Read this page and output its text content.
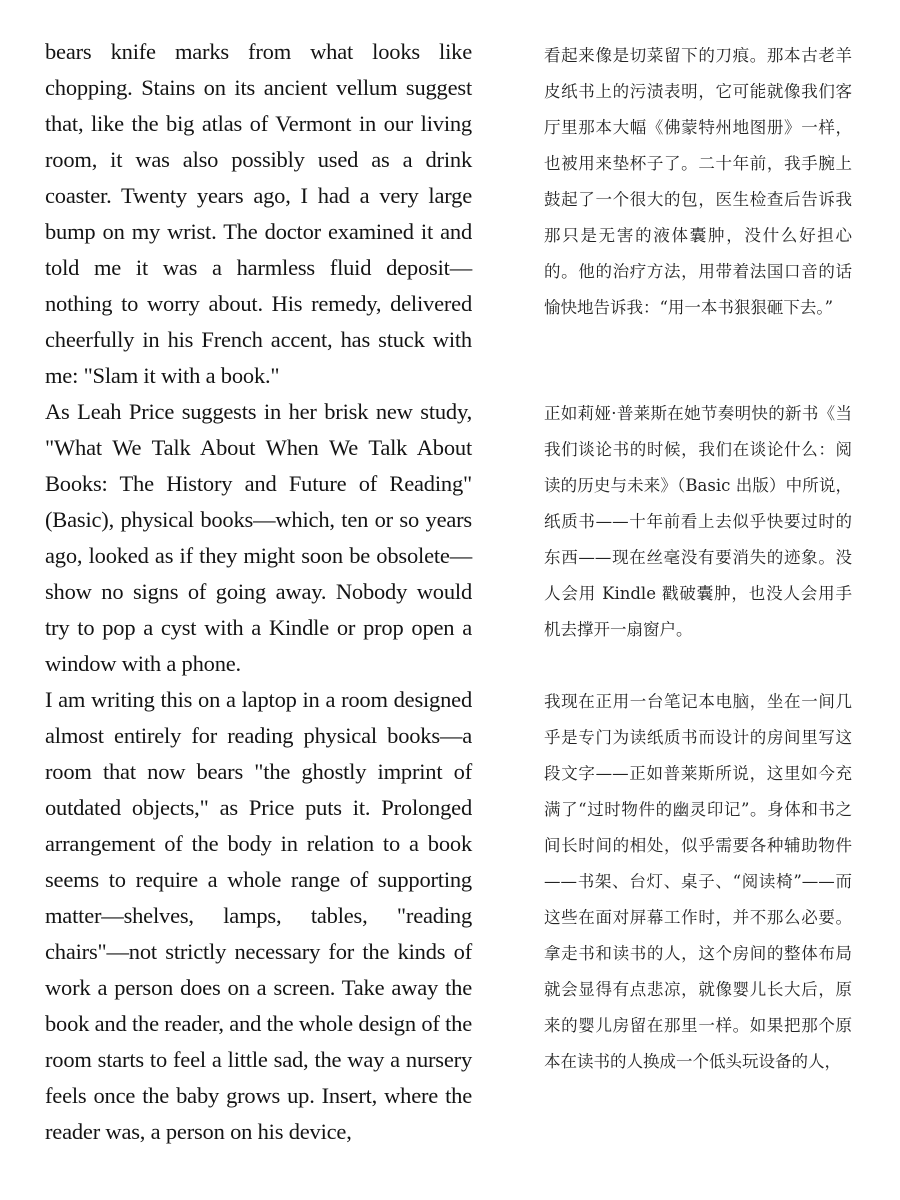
bears knife marks from what looks like chopping. Stains on its ancient vellum suggest that, like the big atlas of Vermont in our living room, it was also possibly used as a drink coaster. Twenty years ago, I had a very large bump on my wrist. The doctor examined it and told me it was a harmless fluid deposit—nothing to worry about. His remedy, delivered cheerfully in his French accent, has stuck with me: "Slam it with a book."

As Leah Price suggests in her brisk new study, "What We Talk About When We Talk About Books: The History and Future of Reading" (Basic), physical books—which, ten or so years ago, looked as if they might soon be obsolete—show no signs of going away. Nobody would try to pop a cyst with a Kindle or prop open a window with a phone.

I am writing this on a laptop in a room designed almost entirely for reading physical books—a room that now bears "the ghostly imprint of outdated objects," as Price puts it. Prolonged arrangement of the body in relation to a book seems to require a whole range of supporting matter—shelves, lamps, tables, "reading chairs"—not strictly necessary for the kinds of work a person does on a screen. Take away the book and the reader, and the whole design of the room starts to feel a little sad, the way a nursery feels once the baby grows up. Insert, where the reader was, a person on his device,

看起来像是切菜留下的刀痕。那本古老羊皮纸书上的污渍表明，它可能就像我们客厅里那本大幅《佛蒙特州地图册》一样，也被用来垫杯子了。二十年前，我手腕上鼓起了一个很大的包，医生检查后告诉我那只是无害的液体囊肿，没什么好担心的。他的治疗方法，用带着法国口音的话愉快地告诉我：“用一本书狠狠砸下去。”

正如莉娅·普莱斯在她节奏明快的新书《当我们谈论书的时候，我们在谈论什么：阅读的历史与未来》（Basic 出版）中所说，纸质书——十年前看上去似乎快要过时的东西——现在丝毫没有要消失的迹象。没人会用 Kindle 戳破囊肿，也没人会用手机去撑开一扇窗户。

我现在正用一台笔记本电脑，坐在一间几乎是专门为读纸质书而设计的房间里写这段文字——正如普莱斯所说，这里如今充满了“过时物件的幽灵印记”。身体和书之间长时间的相处，似乎需要各种辅助物件——书架、台灯、桌子、“阅读椅”——而这些在面对屏幕工作时，并不那么必要。拿走书和读书的人，这个房间的整体布局就会显得有点悲凉，就像婴儿长大后，原来的婴儿房留在那里一样。如果把那个原本在读书的人换成一个低头玩设备的人，
